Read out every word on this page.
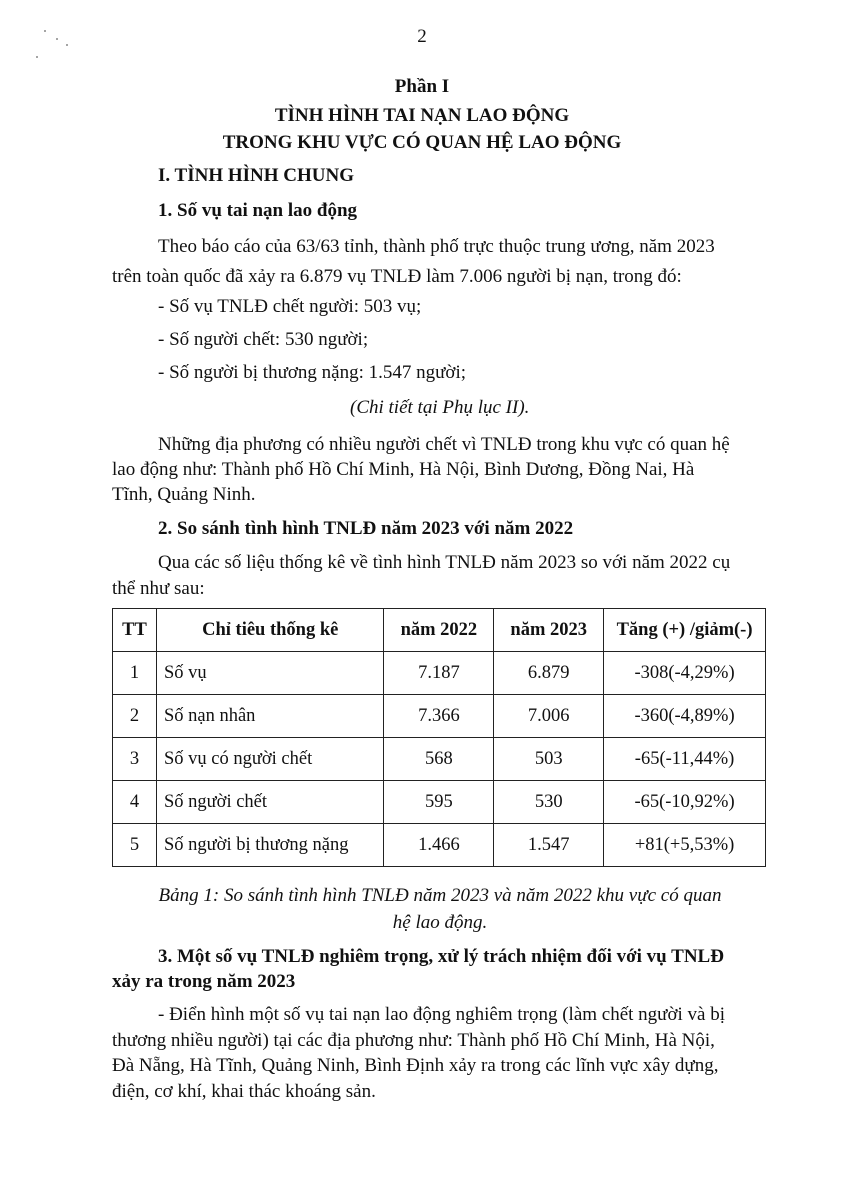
2
Phần I
TÌNH HÌNH TAI NẠN LAO ĐỘNG
TRONG KHU VỰC CÓ QUAN HỆ LAO ĐỘNG
I. TÌNH HÌNH CHUNG
1. Số vụ tai nạn lao động
Theo báo cáo của 63/63 tỉnh, thành phố trực thuộc trung ương, năm 2023
trên toàn quốc đã xảy ra 6.879 vụ TNLĐ làm 7.006 người bị nạn, trong đó:
- Số vụ TNLĐ chết người: 503 vụ;
- Số người chết: 530 người;
- Số người bị thương nặng: 1.547 người;
(Chi tiết tại Phụ lục II).
Những địa phương có nhiều người chết vì TNLĐ trong khu vực có quan hệ
lao động như: Thành phố Hồ Chí Minh, Hà Nội, Bình Dương, Đồng Nai, Hà
Tĩnh, Quảng Ninh.
2. So sánh tình hình TNLĐ năm 2023 với năm 2022
Qua các số liệu thống kê về tình hình TNLĐ năm 2023 so với năm 2022 cụ
thể như sau:
TT	Chỉ tiêu thống kê	năm 2022	năm 2023	Tăng (+) /giảm(-)
1	Số vụ	7.187	6.879	-308(-4,29%)
2	Số nạn nhân	7.366	7.006	-360(-4,89%)
3	Số vụ có người chết	568	503	-65(-11,44%)
4	Số người chết	595	530	-65(-10,92%)
5	Số người bị thương nặng	1.466	1.547	+81(+5,53%)
Bảng 1: So sánh tình hình TNLĐ năm 2023 và năm 2022 khu vực có quan
hệ lao động.
3. Một số vụ TNLĐ nghiêm trọng, xử lý trách nhiệm đối với vụ TNLĐ
xảy ra trong năm 2023
- Điển hình một số vụ tai nạn lao động nghiêm trọng (làm chết người và bị
thương nhiều người) tại các địa phương như: Thành phố Hồ Chí Minh, Hà Nội,
Đà Nẵng, Hà Tĩnh, Quảng Ninh, Bình Định xảy ra trong các lĩnh vực xây dựng,
điện, cơ khí, khai thác khoáng sản.
